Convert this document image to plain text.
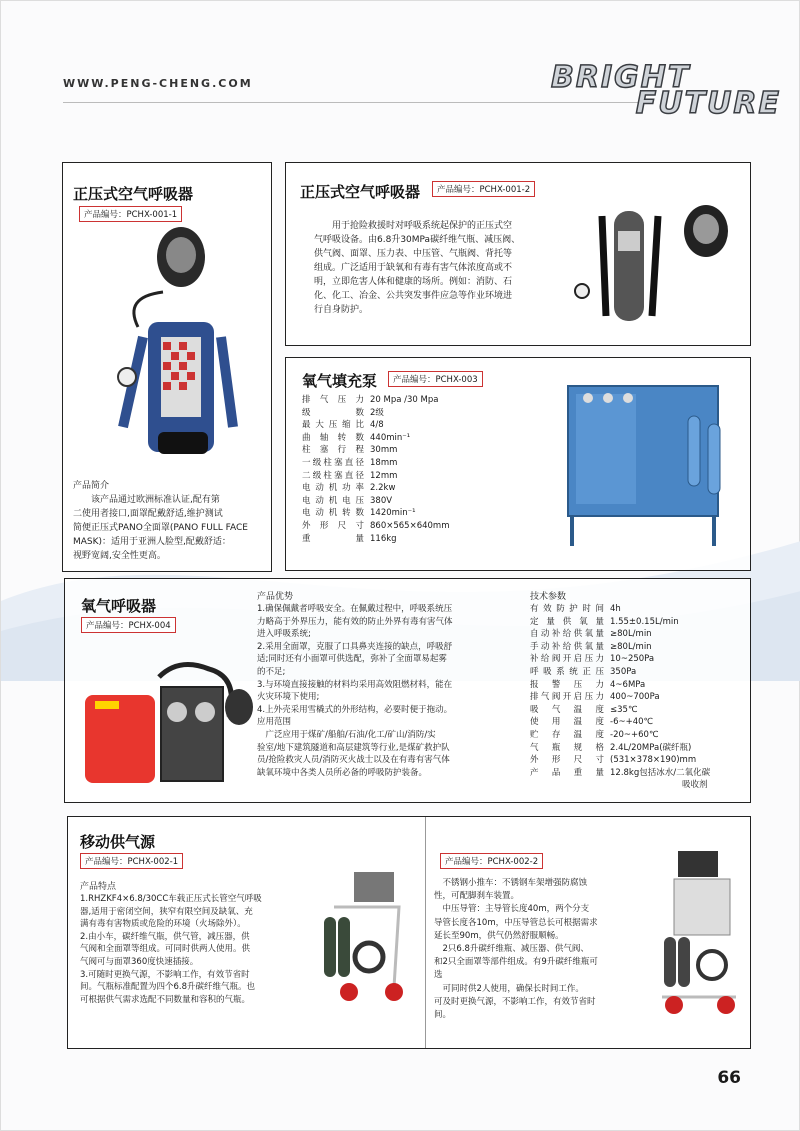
WWW.PENG-CHENG.COM	BRIGHT
FUTURE
正压式空气呼吸器
产品编号：PCHX-001-1
产品简介
该产品通过欧洲标准认证,配有第
二使用者接口,面罩配戴舒适,维护测试
简便正压式PANO全面罩(PANO FULL FACE
MASK)：适用于亚洲人脸型,配戴舒适：
视野宽阔,安全性更高。
正压式空气呼吸器	产品编号：PCHX-001-2
用于抢险救援时对呼吸系统起保护的正压式空
气呼吸设备。由6.8升30MPa碳纤维气瓶、减压阀、
供气阀、面罩、压力表、中压管、气瓶阀、背托等
组成。广泛适用于缺氧和有毒有害气体浓度高或不
明，立即危害人体和健康的场所。例如：消防、石
化、化工、冶金、公共突发事件应急等作业环境进
行自身防护。
氧气填充泵	产品编号：PCHX-003
排气压力 20 Mpa /30 Mpa
级数 2级
最大压缩比 4/8
曲轴转数 440min⁻¹
柱塞行程 30mm
一级柱塞直径 18mm
二级柱塞直径 12mm
电动机功率 2.2kw
电动机电压 380V
电动机转数 1420min⁻¹
外形尺寸 860×565×640mm
重量 116kg
氧气呼吸器
产品编号：PCHX-004
产品优势
1.确保佩戴者呼吸安全。在佩戴过程中，呼吸系统压
力略高于外界压力，能有效的防止外界有毒有害气体
进入呼吸系统;
2.采用全面罩，克服了口具鼻夹连接的缺点，呼吸舒
适;同时还有小面罩可供选配，弥补了全面罩易起雾
的不足;
3.与环境直接接触的材料均采用高效阻燃材料，能在
火灾环境下使用;
4.上外壳采用雪橇式的外形结构，必要时便于拖动。
应用范围
　广泛应用于煤矿/船舶/石油/化工/矿山/消防/实
验室/地下建筑隧道和高层建筑等行业,是煤矿救护队
员/抢险救灾人员/消防灭火战士以及在有毒有害气体
缺氧环境中各类人员所必备的呼吸防护装备。
技术参数
有效防护时间 4h
定量供氧量 1.55±0.15L/min
自动补给供氧量 ≥80L/min
手动补给供氧量 ≥80L/min
补给阀开启压力 10~250Pa
呼吸系统正压 350Pa
报警压力 4~6MPa
排气阀开启压力 400~700Pa
吸气温度 ≤35℃
使用温度 -6~+40℃
贮存温度 -20~+60℃
气瓶规格 2.4L/20MPa(碳纤瓶)
外形尺寸 (531×378×190)mm
产品重量 12.8kg包括冰水/二氧化碳
吸收剂
移动供气源
产品编号：PCHX-002-1
产品特点
1.RHZKF4×6.8/30CC车载正压式长管空气呼吸
器,适用于密闭空间，狭窄有限空间及缺氧、充
满有毒有害物质或危险的环境（火场除外）。
2.由小车，碳纤维气瓶，供气管，减压器，供
气阀和全面罩等组成。可同时供两人使用。供
气阀可与面罩360度快速插接。
3.可随时更换气源，不影响工作，有效节省时
间。气瓶标准配置为四个6.8升碳纤维气瓶。也
可根据供气需求选配不同数量和容积的气瓶。
产品编号：PCHX-002-2
　不锈钢小推车：不锈钢车架增强防腐蚀
性，可配脚刹车装置。
　中压导管：主导管长度40m，两个分支
导管长度各10m，中压导管总长可根据需求
延长至90m，供气仍然舒服顺畅。
　2只6.8升碳纤维瓶、减压器、供气阀、
和2只全面罩等部件组成。有9升碳纤维瓶可
选
　可同时供2人使用，确保长时间工作。
可及时更换气源，不影响工作，有效节省时
间。
66
